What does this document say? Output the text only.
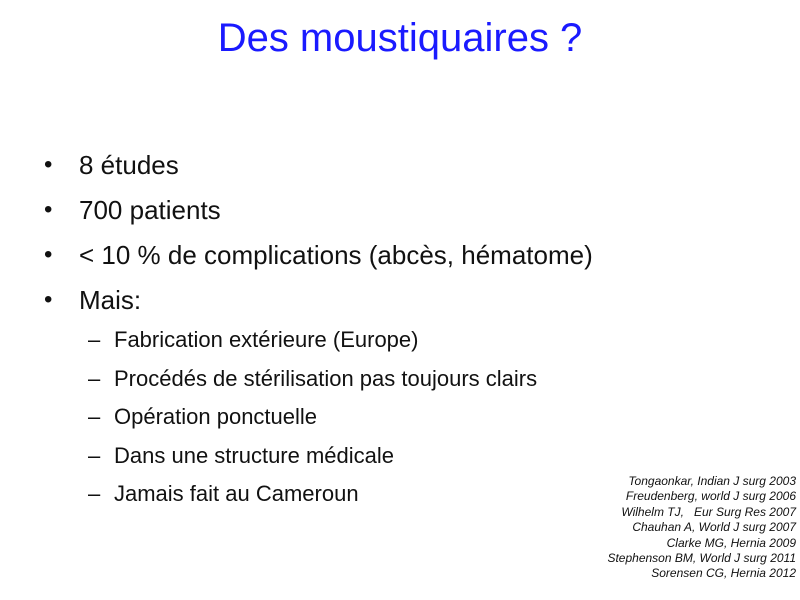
Des moustiquaires ?
• 8 études
• 700 patients
• < 10 % de complications (abcès, hématome)
• Mais:
– Fabrication extérieure (Europe)
– Procédés de stérilisation pas toujours clairs
– Opération ponctuelle
– Dans une structure médicale
– Jamais fait au Cameroun	Tongaonkar, Indian J surg 2003
Freudenberg, world J surg 2006
Wilhelm TJ,   Eur Surg Res 2007
Chauhan A, World J surg 2007
Clarke MG, Hernia 2009
Stephenson BM, World J surg 2011
Sorensen CG, Hernia 2012
